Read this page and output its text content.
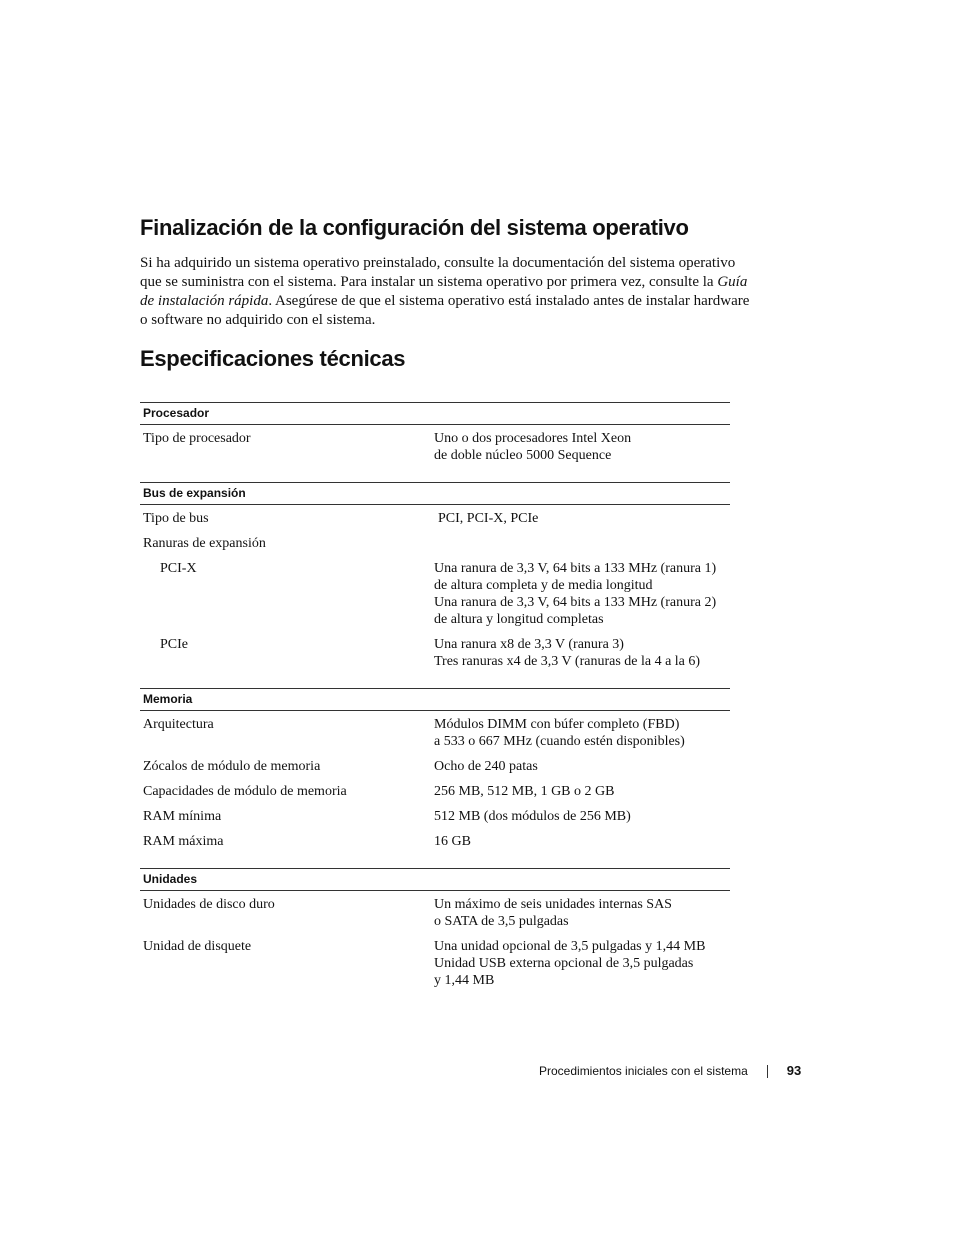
Finalización de la configuración del sistema operativo

Si ha adquirido un sistema operativo preinstalado, consulte la documentación del sistema operativo
que se suministra con el sistema. Para instalar un sistema operativo por primera vez, consulte la Guía
de instalación rápida. Asegúrese de que el sistema operativo está instalado antes de instalar hardware
o software no adquirido con el sistema.

Especificaciones técnicas
Procesador
Tipo de procesador	Uno o dos procesadores Intel Xeon
de doble núcleo 5000 Sequence
Bus de expansión
Tipo de bus	PCI, PCI-X, PCIe
Ranuras de expansión
PCI-X	Una ranura de 3,3 V, 64 bits a 133 MHz (ranura 1)
de altura completa y de media longitud
Una ranura de 3,3 V, 64 bits a 133 MHz (ranura 2)
de altura y longitud completas
PCIe	Una ranura x8 de 3,3 V (ranura 3)
Tres ranuras x4 de 3,3 V (ranuras de la 4 a la 6)
Memoria
Arquitectura	Módulos DIMM con búfer completo (FBD)
a 533 o 667 MHz (cuando estén disponibles)
Zócalos de módulo de memoria	Ocho de 240 patas
Capacidades de módulo de memoria	256 MB, 512 MB, 1 GB o 2 GB
RAM mínima	512 MB (dos módulos de 256 MB)
RAM máxima	16 GB
Unidades
Unidades de disco duro	Un máximo de seis unidades internas SAS
o SATA de 3,5 pulgadas
Unidad de disquete	Una unidad opcional de 3,5 pulgadas y 1,44 MB
Unidad USB externa opcional de 3,5 pulgadas
y 1,44 MB
Procedimientos iniciales con el sistema	93
